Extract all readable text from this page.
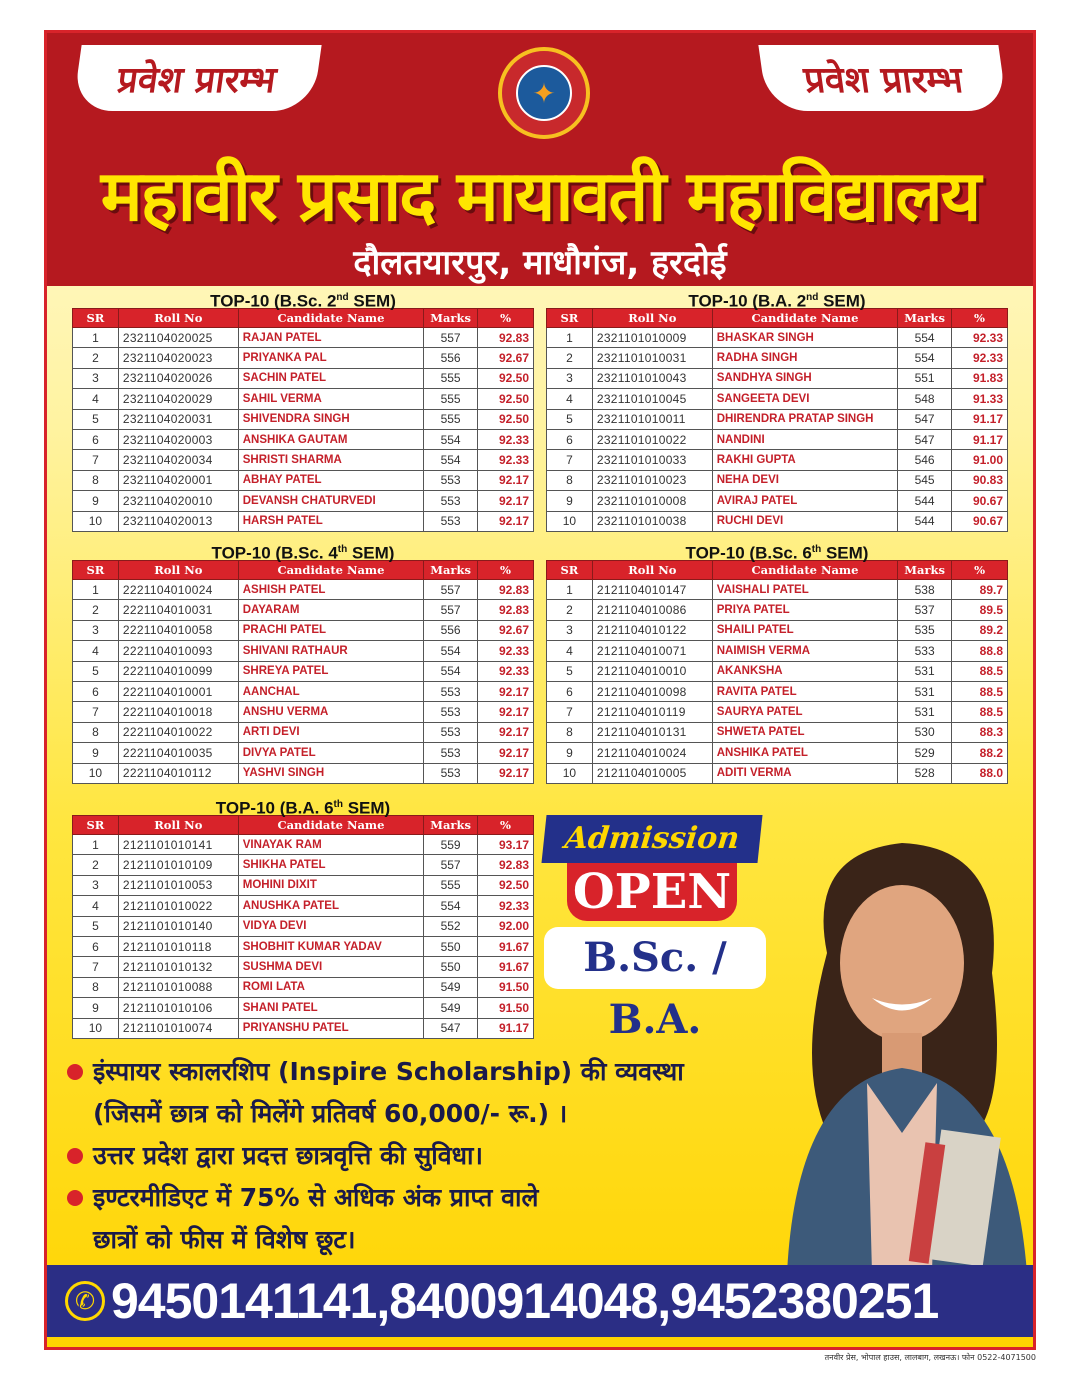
प्रवेश प्रारम्भ	प्रवेश प्रारम्भ
✦
महावीर प्रसाद मायावती महाविद्यालय
दौलतयारपुर, माधौगंज, हरदोई
TOP-10 (B.Sc. 2nd SEM)
SR	Roll No	Candidate Name	Marks	%
1	2321104020025	RAJAN PATEL	557	92.83
2	2321104020023	PRIYANKA PAL	556	92.67
3	2321104020026	SACHIN PATEL	555	92.50
4	2321104020029	SAHIL VERMA	555	92.50
5	2321104020031	SHIVENDRA SINGH	555	92.50
6	2321104020003	ANSHIKA GAUTAM	554	92.33
7	2321104020034	SHRISTI SHARMA	554	92.33
8	2321104020001	ABHAY PATEL	553	92.17
9	2321104020010	DEVANSH CHATURVEDI	553	92.17
10	2321104020013	HARSH PATEL	553	92.17
TOP-10 (B.A. 2nd SEM)
SR	Roll No	Candidate Name	Marks	%
1	2321101010009	BHASKAR SINGH	554	92.33
2	2321101010031	RADHA SINGH	554	92.33
3	2321101010043	SANDHYA SINGH	551	91.83
4	2321101010045	SANGEETA DEVI	548	91.33
5	2321101010011	DHIRENDRA PRATAP SINGH	547	91.17
6	2321101010022	NANDINI	547	91.17
7	2321101010033	RAKHI GUPTA	546	91.00
8	2321101010023	NEHA DEVI	545	90.83
9	2321101010008	AVIRAJ PATEL	544	90.67
10	2321101010038	RUCHI DEVI	544	90.67
TOP-10 (B.Sc. 4th SEM)
SR	Roll No	Candidate Name	Marks	%
1	2221104010024	ASHISH PATEL	557	92.83
2	2221104010031	DAYARAM	557	92.83
3	2221104010058	PRACHI PATEL	556	92.67
4	2221104010093	SHIVANI RATHAUR	554	92.33
5	2221104010099	SHREYA PATEL	554	92.33
6	2221104010001	AANCHAL	553	92.17
7	2221104010018	ANSHU VERMA	553	92.17
8	2221104010022	ARTI DEVI	553	92.17
9	2221104010035	DIVYA PATEL	553	92.17
10	2221104010112	YASHVI SINGH	553	92.17
TOP-10 (B.Sc. 6th SEM)
SR	Roll No	Candidate Name	Marks	%
1	2121104010147	VAISHALI PATEL	538	89.7
2	2121104010086	PRIYA PATEL	537	89.5
3	2121104010122	SHAILI PATEL	535	89.2
4	2121104010071	NAIMISH VERMA	533	88.8
5	2121104010010	AKANKSHA	531	88.5
6	2121104010098	RAVITA PATEL	531	88.5
7	2121104010119	SAURYA PATEL	531	88.5
8	2121104010131	SHWETA PATEL	530	88.3
9	2121104010024	ANSHIKA PATEL	529	88.2
10	2121104010005	ADITI VERMA	528	88.0
TOP-10 (B.A. 6th SEM)
SR	Roll No	Candidate Name	Marks	%
1	2121101010141	VINAYAK RAM	559	93.17
2	2121101010109	SHIKHA PATEL	557	92.83
3	2121101010053	MOHINI DIXIT	555	92.50
4	2121101010022	ANUSHKA PATEL	554	92.33
5	2121101010140	VIDYA DEVI	552	92.00
6	2121101010118	SHOBHIT KUMAR YADAV	550	91.67
7	2121101010132	SUSHMA DEVI	550	91.67
8	2121101010088	ROMI LATA	549	91.50
9	2121101010106	SHANI PATEL	549	91.50
10	2121101010074	PRIYANSHU PATEL	547	91.17
Admission
OPEN
B.Sc. / B.A.
इंस्पायर स्कालरशिप (Inspire Scholarship) की व्यवस्था
(जिसमें छात्र को मिलेंगे प्रतिवर्ष 60,000/- रू.) ।
उत्तर प्रदेश द्वारा प्रदत्त छात्रवृत्ति की सुविधा।
इण्टरमीडिएट में 75% से अधिक अंक प्राप्त वाले
छात्रों को फीस में विशेष छूट।
✆ 9450141141,8400914048,9452380251
तनवीर प्रेस, भोपाल हाउस, लालबाग, लखनऊ। फोन 0522-4071500
